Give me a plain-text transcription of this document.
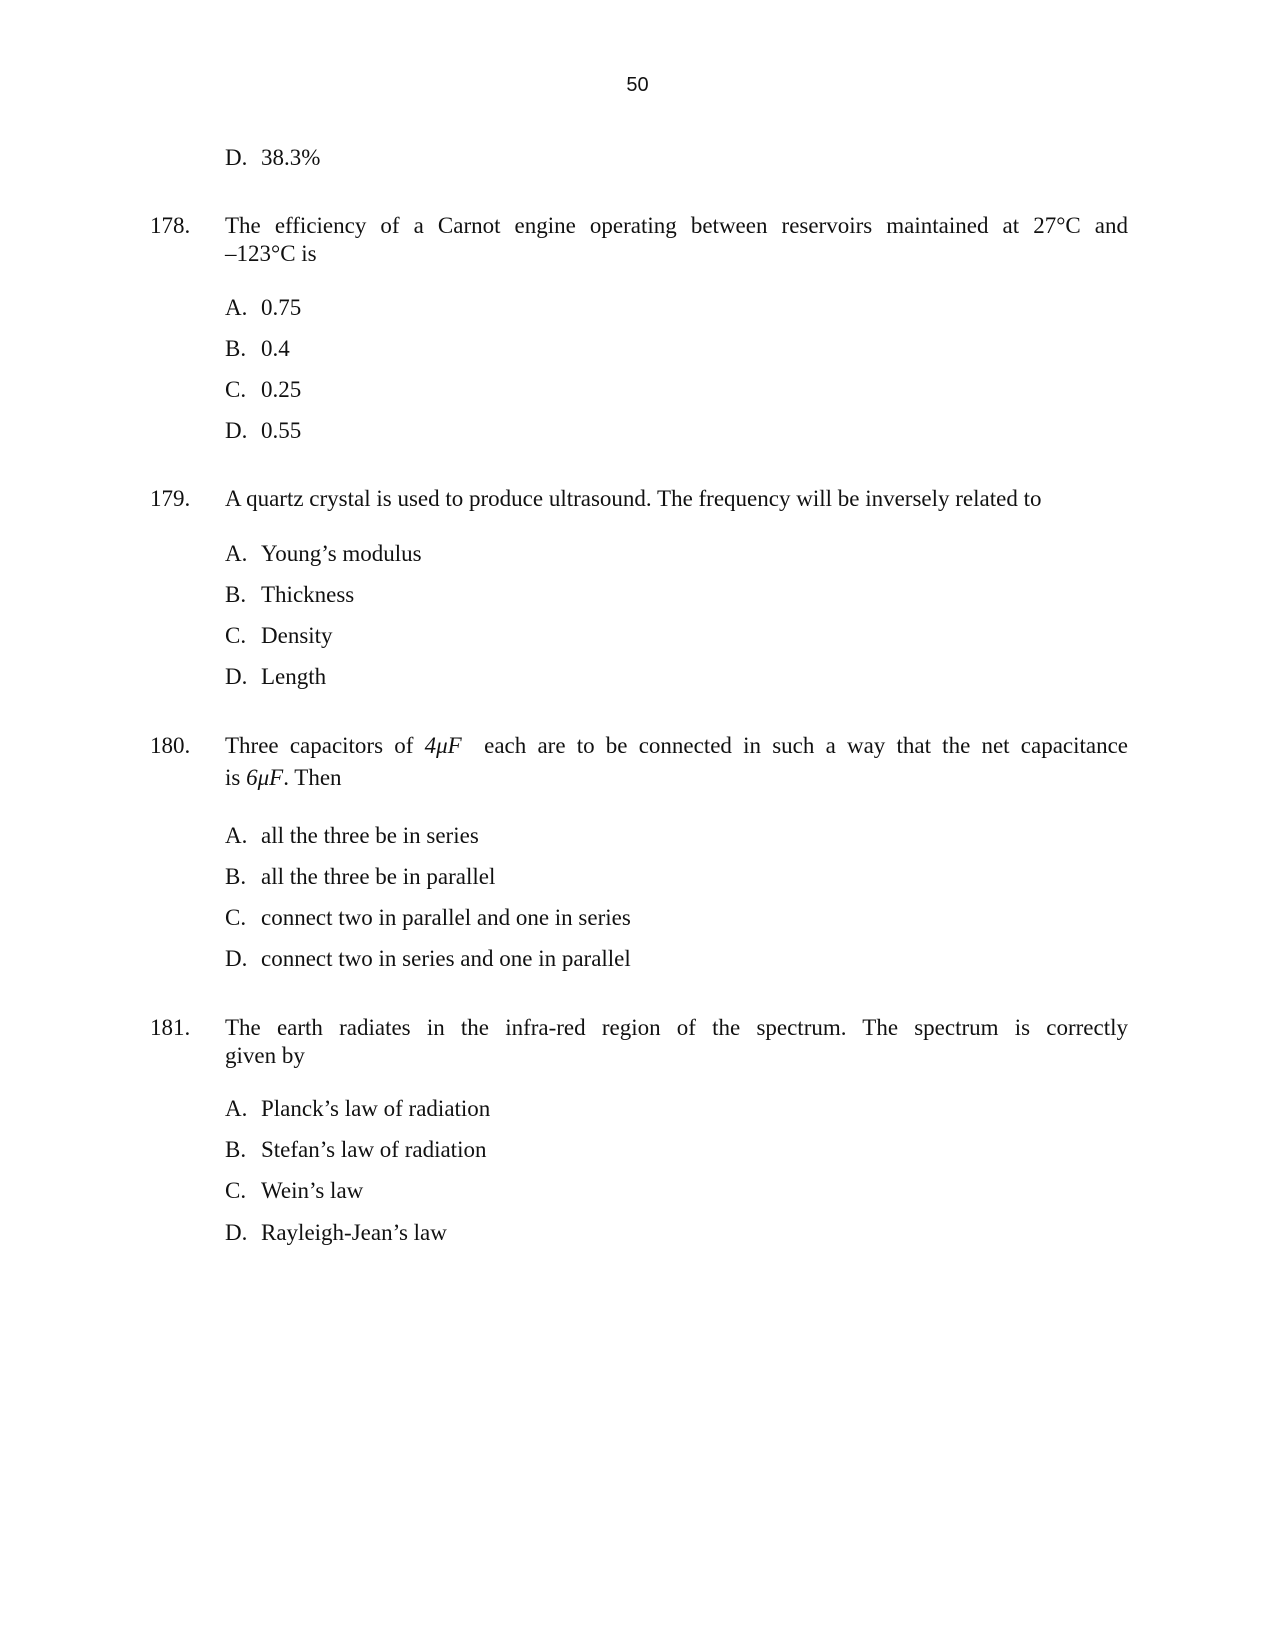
50
D. 38.3%
178. The efficiency of a Carnot engine operating between reservoirs maintained at 27°C and
–123°C is
A. 0.75
B. 0.4
C. 0.25
D. 0.55
179. A quartz crystal is used to produce ultrasound. The frequency will be inversely related to
A. Young’s modulus
B. Thickness
C. Density
D. Length
180. Three capacitors of 4μF each are to be connected in such a way that the net capacitance
is 6μF. Then
A. all the three be in series
B. all the three be in parallel
C. connect two in parallel and one in series
D. connect two in series and one in parallel
181. The earth radiates in the infra-red region of the spectrum. The spectrum is correctly
given by
A. Planck’s law of radiation
B. Stefan’s law of radiation
C. Wein’s law
D. Rayleigh-Jean’s law
